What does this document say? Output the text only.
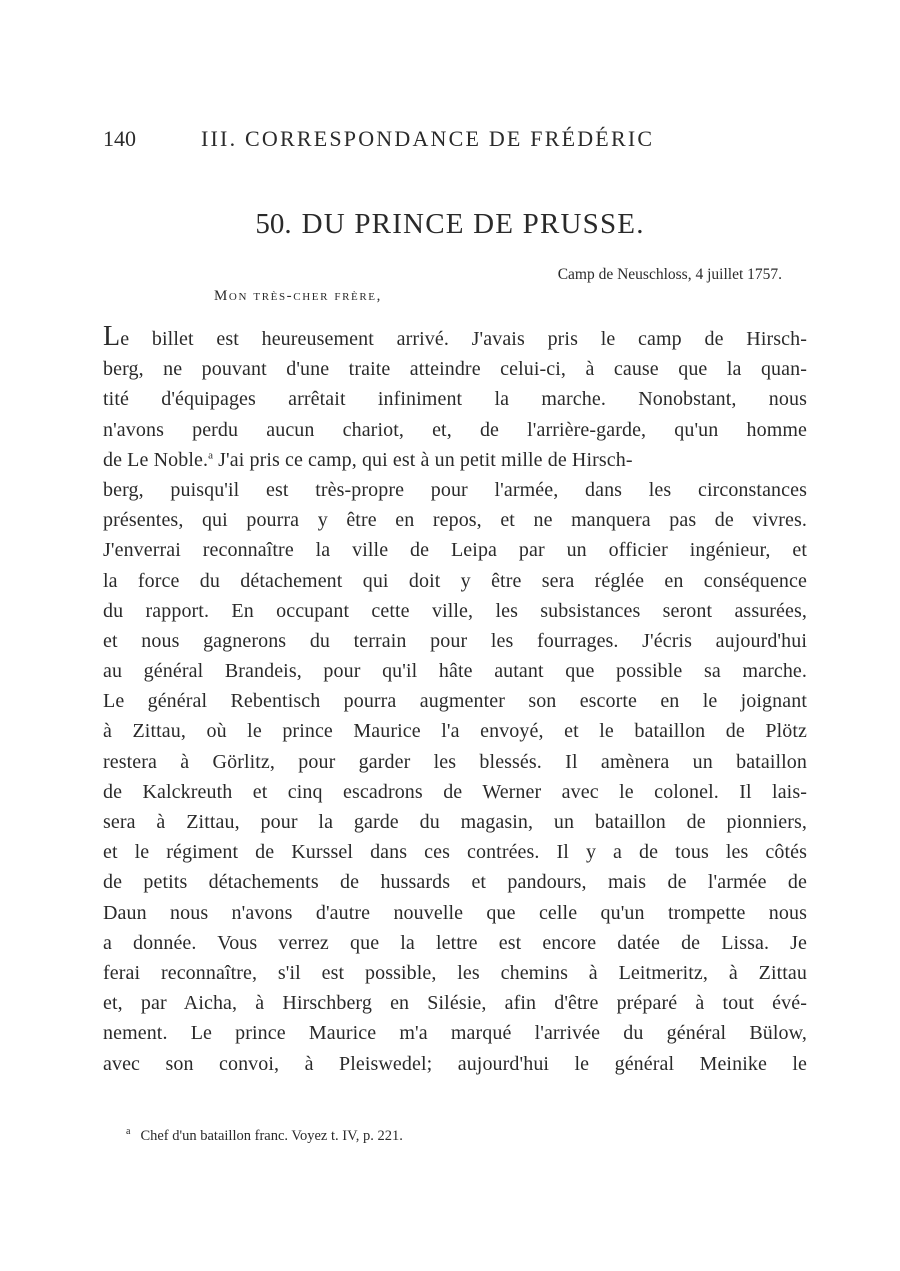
140	III. CORRESPONDANCE DE FRÉDÉRIC
50. DU PRINCE DE PRUSSE.
Camp de Neuschloss, 4 juillet 1757.
Mon très-cher frère,
Le billet est heureusement arrivé. J'avais pris le camp de Hirsch-
berg, ne pouvant d'une traite atteindre celui-ci, à cause que la quan-
tité d'équipages arrêtait infiniment la marche. Nonobstant, nous
n'avons perdu aucun chariot, et, de l'arrière-garde, qu'un homme
de Le Noble.$^a$ J'ai pris ce camp, qui est à un petit mille de Hirsch-
berg, puisqu'il est très-propre pour l'armée, dans les circonstances
présentes, qui pourra y être en repos, et ne manquera pas de vivres.
J'enverrai reconnaître la ville de Leipa par un officier ingénieur, et
la force du détachement qui doit y être sera réglée en conséquence
du rapport. En occupant cette ville, les subsistances seront assurées,
et nous gagnerons du terrain pour les fourrages. J'écris aujourd'hui
au général Brandeis, pour qu'il hâte autant que possible sa marche.
Le général Rebentisch pourra augmenter son escorte en le joignant
à Zittau, où le prince Maurice l'a envoyé, et le bataillon de Plötz
restera à Görlitz, pour garder les blessés. Il amènera un bataillon
de Kalckreuth et cinq escadrons de Werner avec le colonel. Il lais-
sera à Zittau, pour la garde du magasin, un bataillon de pionniers,
et le régiment de Kurssel dans ces contrées. Il y a de tous les côtés
de petits détachements de hussards et pandours, mais de l'armée de
Daun nous n'avons d'autre nouvelle que celle qu'un trompette nous
a donnée. Vous verrez que la lettre est encore datée de Lissa. Je
ferai reconnaître, s'il est possible, les chemins à Leitmeritz, à Zittau
et, par Aicha, à Hirschberg en Silésie, afin d'être préparé à tout évé-
nement. Le prince Maurice m'a marqué l'arrivée du général Bülow,
avec son convoi, à Pleiswedel; aujourd'hui le général Meinike le
$^a$ Chef d'un bataillon franc. Voyez t. IV, p. 221.
